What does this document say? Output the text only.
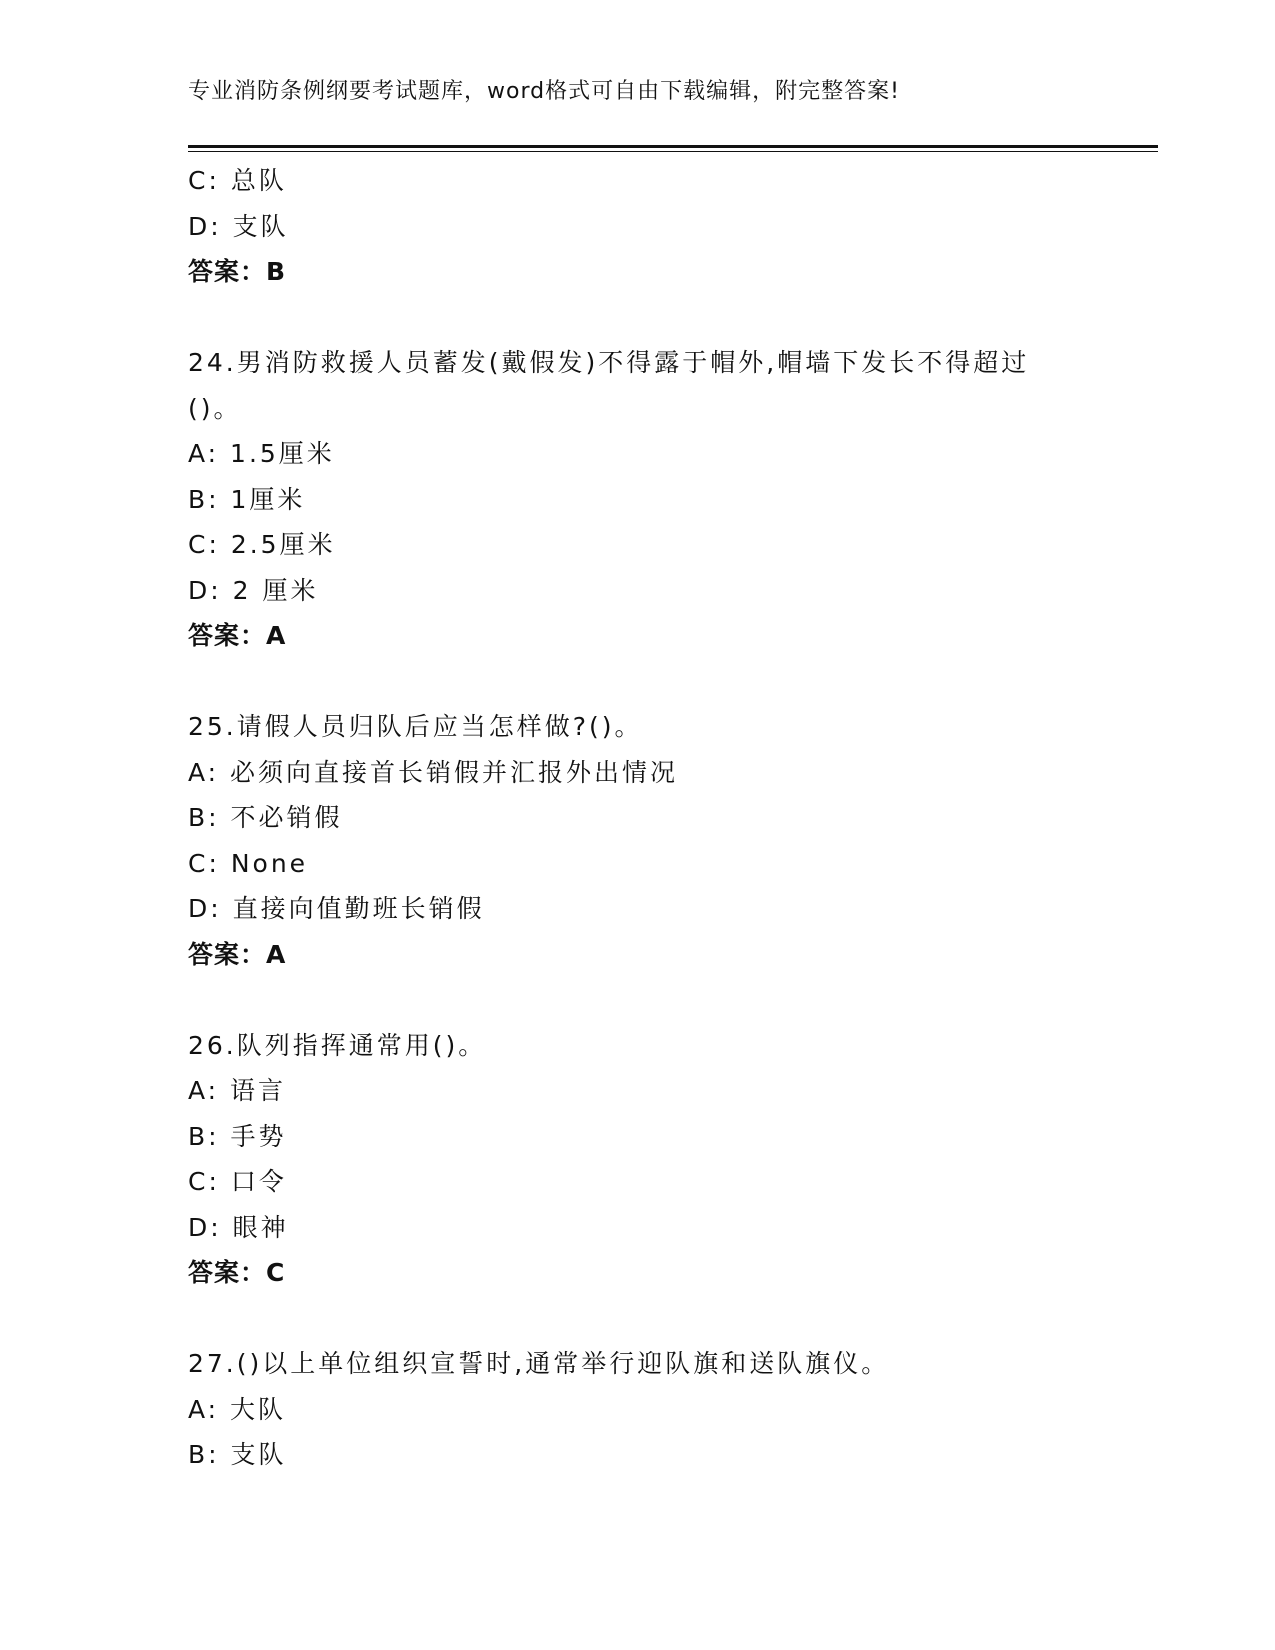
专业消防条例纲要考试题库，word格式可自由下载编辑，附完整答案!
C: 总队
D: 支队
答案：B
24.男消防救援人员蓄发(戴假发)不得露于帽外,帽墙下发长不得超过
()。
A: 1.5厘米
B: 1厘米
C: 2.5厘米
D: 2 厘米
答案：A
25.请假人员归队后应当怎样做?()。
A: 必须向直接首长销假并汇报外出情况
B: 不必销假
C: None
D: 直接向值勤班长销假
答案：A
26.队列指挥通常用()。
A: 语言
B: 手势
C: 口令
D: 眼神
答案：C
27.()以上单位组织宣誓时,通常举行迎队旗和送队旗仪。
A: 大队
B: 支队
